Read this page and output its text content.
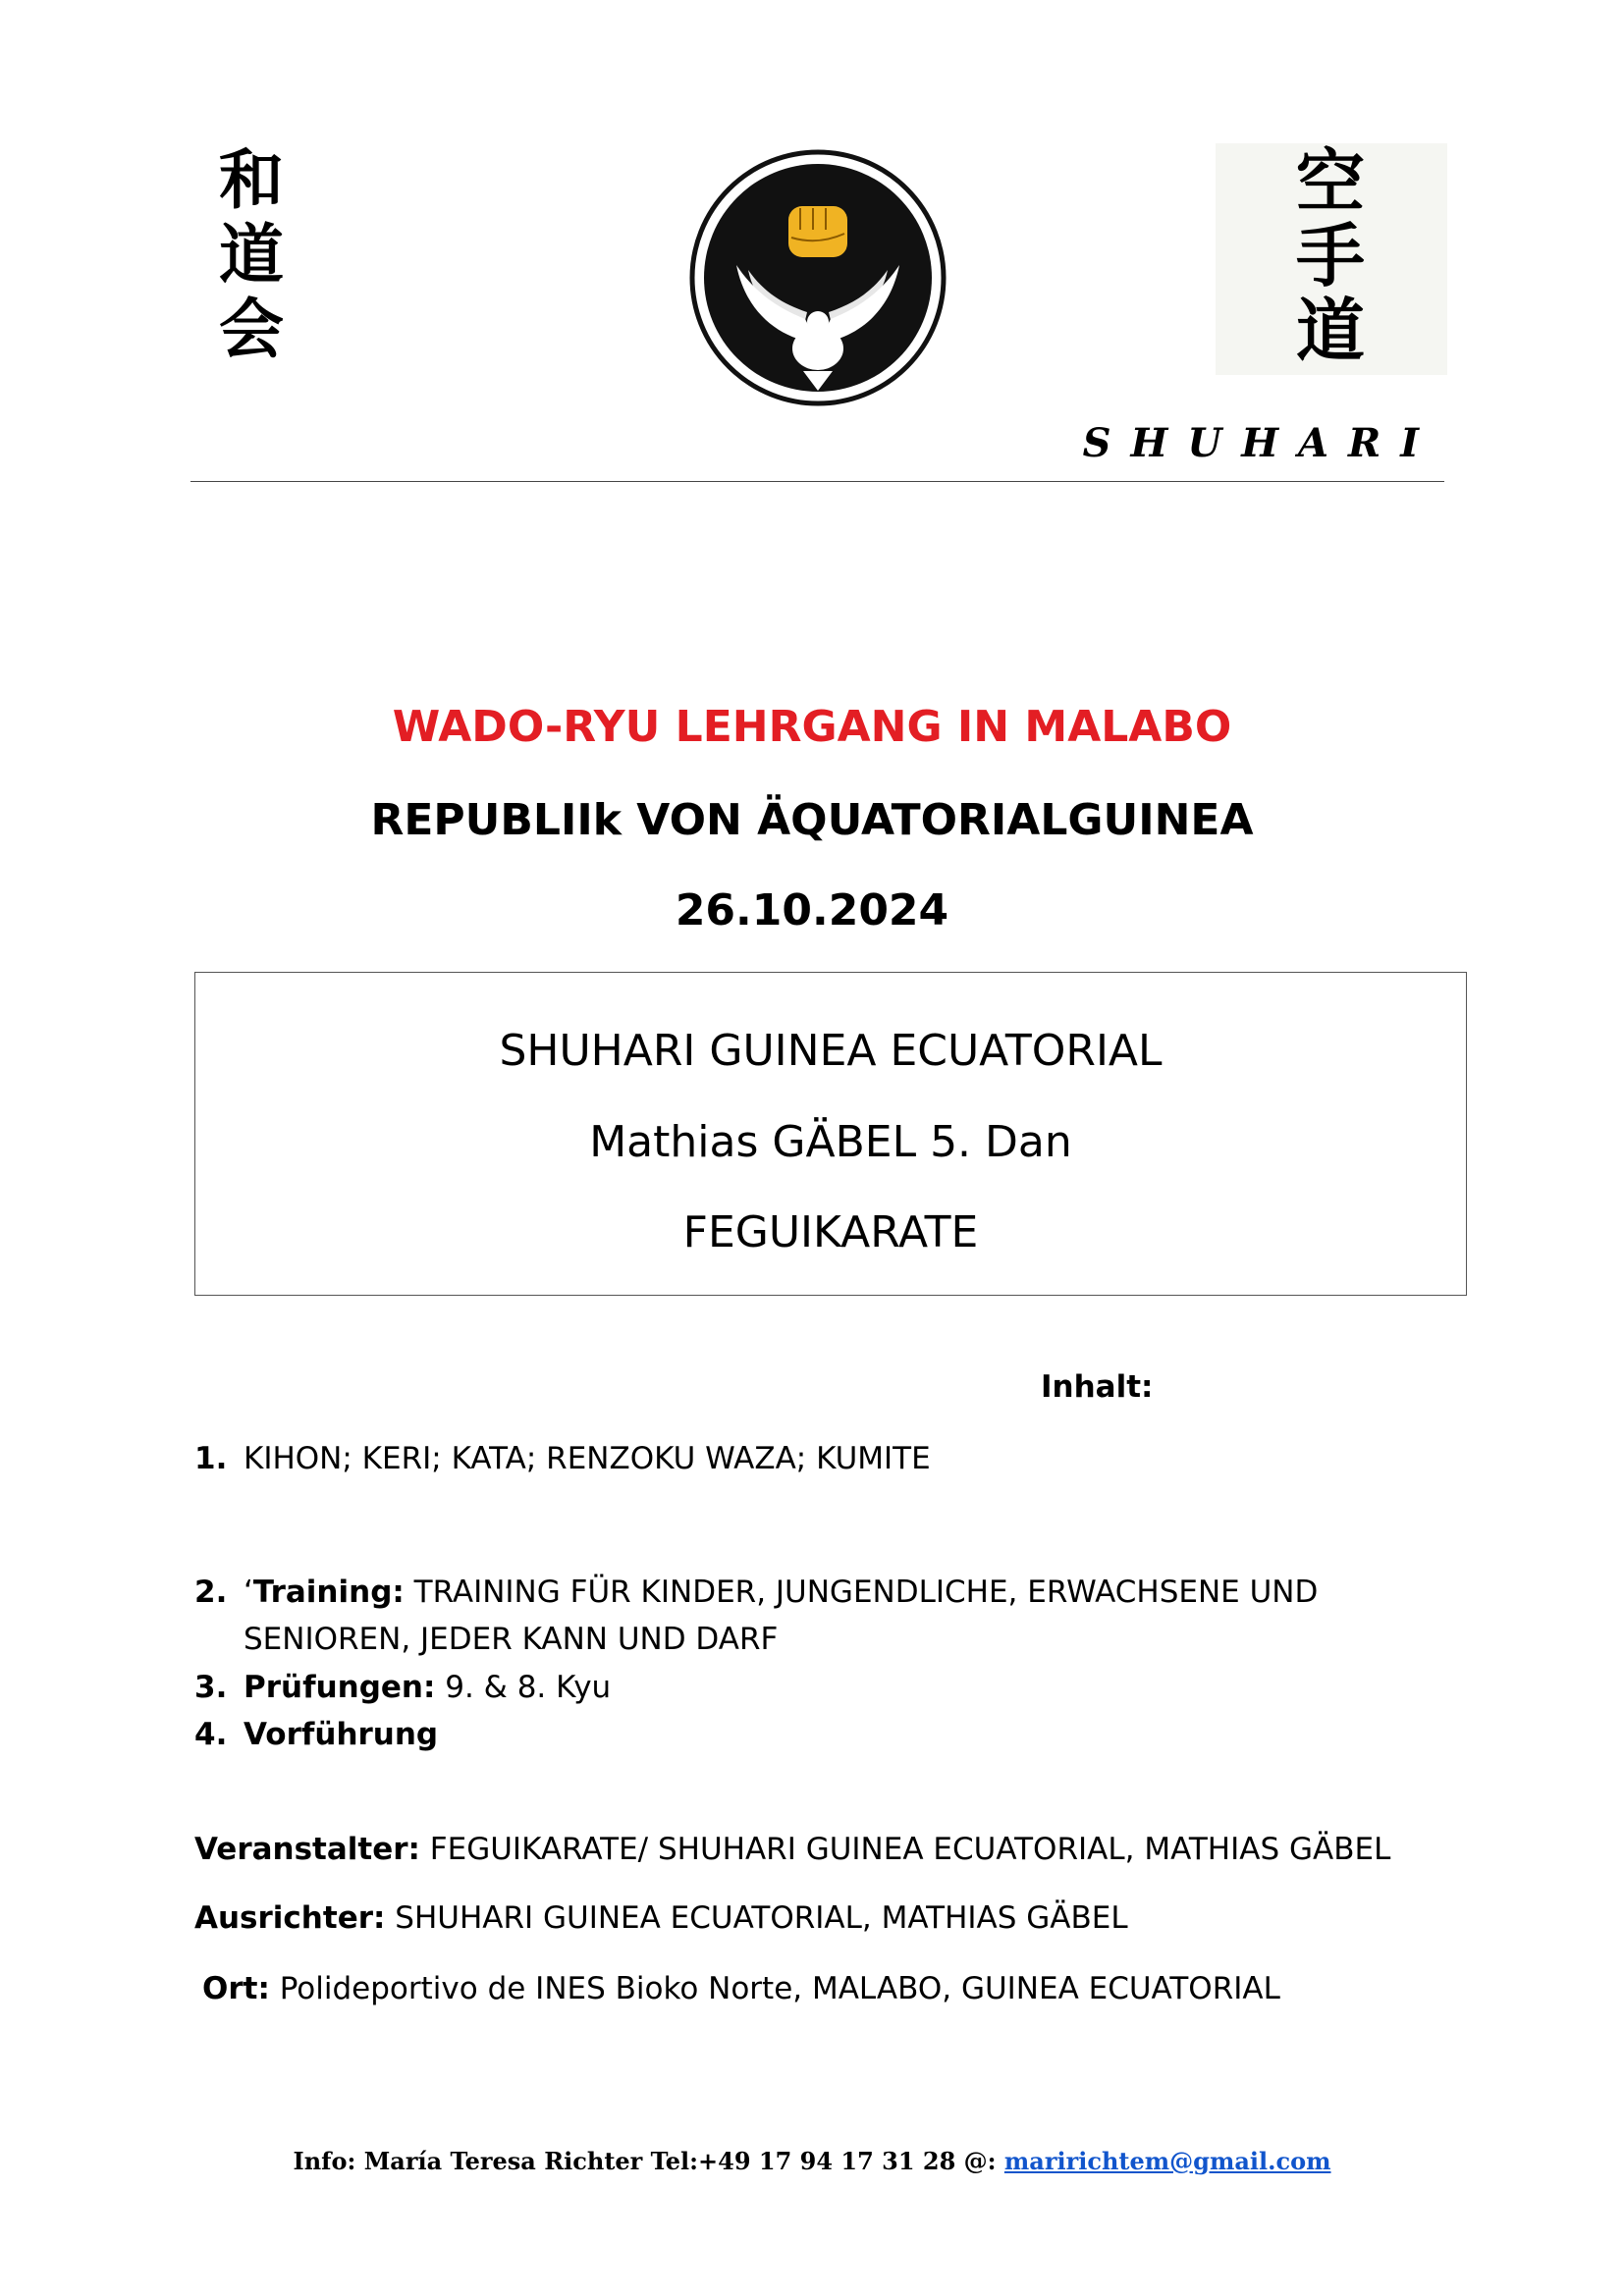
和
道
会
空
手
道
SHUHARI
WADO-RYU LEHRGANG IN MALABO
REPUBLIIk VON ÄQUATORIALGUINEA
26.10.2024
SHUHARI GUINEA ECUATORIAL
Mathias GÄBEL 5. Dan
FEGUIKARATE
Inhalt:
1. KIHON; KERI; KATA; RENZOKU WAZA; KUMITE
2. ‘Training: TRAINING FÜR KINDER, JUNGENDLICHE, ERWACHSENE UND SENIOREN, JEDER KANN UND DARF
3. Prüfungen: 9. & 8. Kyu
4. Vorführung
Veranstalter: FEGUIKARATE/ SHUHARI GUINEA ECUATORIAL, MATHIAS GÄBEL
Ausrichter: SHUHARI GUINEA ECUATORIAL, MATHIAS GÄBEL
Ort: Polideportivo de INES Bioko Norte, MALABO, GUINEA ECUATORIAL
Info: María Teresa Richter Tel:+49 17 94 17 31 28 @: maririchtem@gmail.com
